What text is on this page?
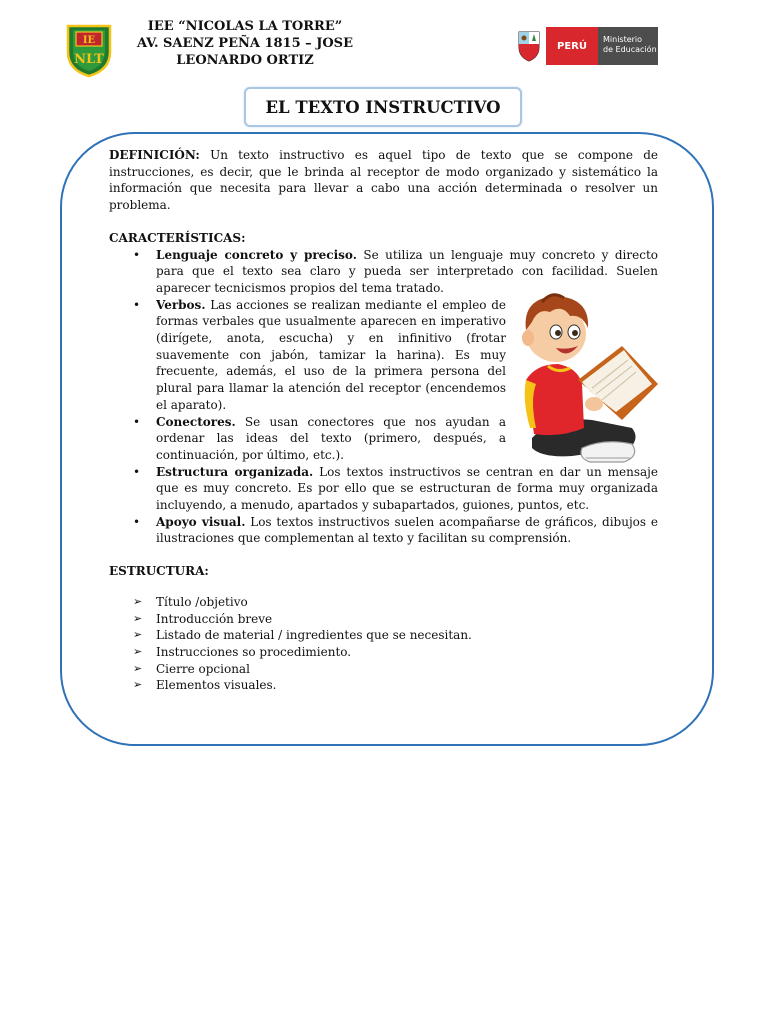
IE
NLT
IEE “NICOLAS LA TORRE”
AV. SAENZ PEÑA 1815 – JOSE
LEONARDO ORTIZ
PERÚ
Ministerio
de Educación
EL TEXTO INSTRUCTIVO

DEFINICIÓN: Un texto instructivo es aquel tipo de texto que se compone de instrucciones, es decir, que le brinda al receptor de modo organizado y sistemático la información que necesita para llevar a cabo una acción determinada o resolver un problema.

CARACTERÍSTICAS:

• Lenguaje concreto y preciso. Se utiliza un lenguaje muy concreto y directo para que el texto sea claro y pueda ser interpretado con facilidad. Suelen aparecer tecnicismos propios del tema tratado.
• Verbos. Las acciones se realizan mediante el empleo de formas verbales que usualmente aparecen en imperativo (dirígete, anota, escucha) y en infinitivo (frotar suavemente con jabón, tamizar la harina). Es muy frecuente, además, el uso de la primera persona del plural para llamar la atención del receptor (encendemos el aparato).
• Conectores. Se usan conectores que nos ayudan a ordenar las ideas del texto (primero, después, a continuación, por último, etc.).
• Estructura organizada. Los textos instructivos se centran en dar un mensaje que es muy concreto. Es por ello que se estructuran de forma muy organizada incluyendo, a menudo, apartados y subapartados, guiones, puntos, etc.
• Apoyo visual. Los textos instructivos suelen acompañarse de gráficos, dibujos e ilustraciones que complementan al texto y facilitan su comprensión.

ESTRUCTURA:

➢ Título /objetivo
➢ Introducción breve
➢ Listado de material / ingredientes que se necesitan.
➢ Instrucciones so procedimiento.
➢ Cierre opcional
➢ Elementos visuales.
